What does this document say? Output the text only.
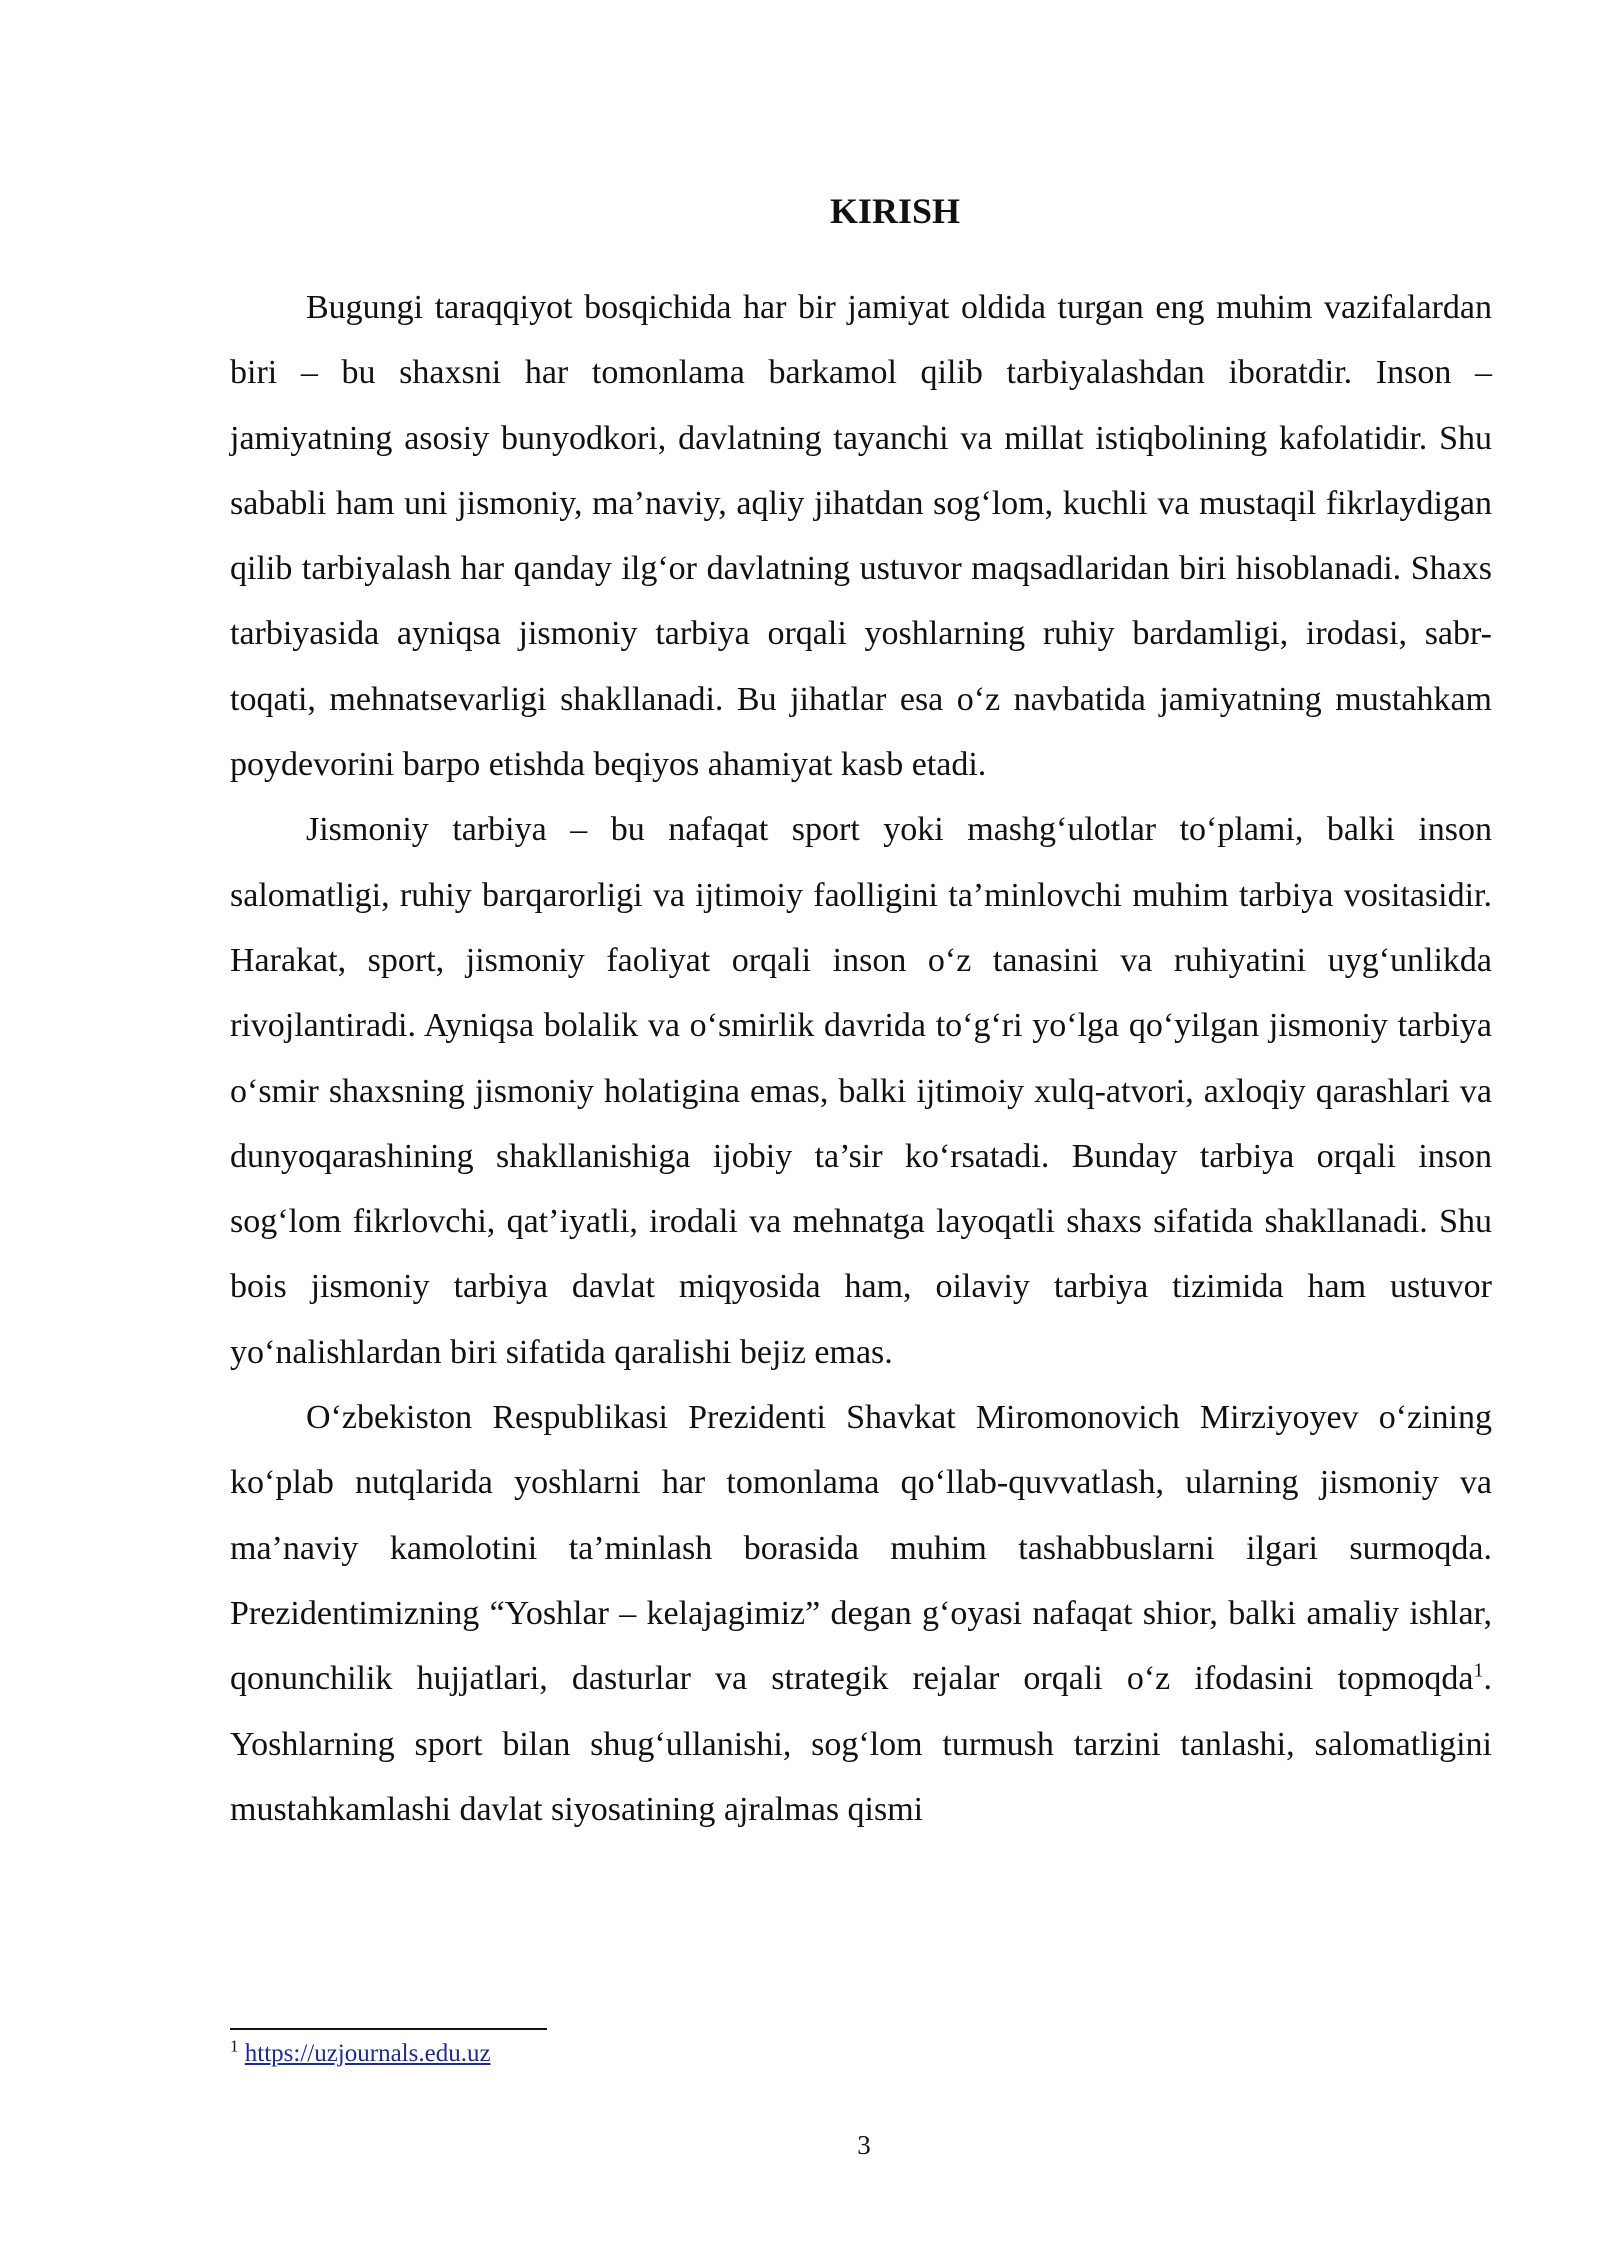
KIRISH

Bugungi taraqqiyot bosqichida har bir jamiyat oldida turgan eng muhim vazifalardan biri – bu shaxsni har tomonlama barkamol qilib tarbiyalashdan iboratdir. Inson – jamiyatning asosiy bunyodkori, davlatning tayanchi va millat istiqbolining kafolatidir. Shu sababli ham uni jismoniy, ma’naviy, aqliy jihatdan sog‘lom, kuchli va mustaqil fikrlaydigan qilib tarbiyalash har qanday ilg‘or davlatning ustuvor maqsadlaridan biri hisoblanadi. Shaxs tarbiyasida ayniqsa jismoniy tarbiya orqali yoshlarning ruhiy bardamligi, irodasi, sabr-toqati, mehnatsevarligi shakllanadi. Bu jihatlar esa o‘z navbatida jamiyatning mustahkam poydevorini barpo etishda beqiyos ahamiyat kasb etadi.

Jismoniy tarbiya – bu nafaqat sport yoki mashg‘ulotlar to‘plami, balki inson salomatligi, ruhiy barqarorligi va ijtimoiy faolligini ta’minlovchi muhim tarbiya vositasidir. Harakat, sport, jismoniy faoliyat orqali inson o‘z tanasini va ruhiyatini uyg‘unlikda rivojlantiradi. Ayniqsa bolalik va o‘smirlik davrida to‘g‘ri yo‘lga qo‘yilgan jismoniy tarbiya o‘smir shaxsning jismoniy holatigina emas, balki ijtimoiy xulq-atvori, axloqiy qarashlari va dunyoqarashining shakllanishiga ijobiy ta’sir ko‘rsatadi. Bunday tarbiya orqali inson sog‘lom fikrlovchi, qat’iyatli, irodali va mehnatga layoqatli shaxs sifatida shakllanadi. Shu bois jismoniy tarbiya davlat miqyosida ham, oilaviy tarbiya tizimida ham ustuvor yo‘nalishlardan biri sifatida qaralishi bejiz emas.

O‘zbekiston Respublikasi Prezidenti Shavkat Miromonovich Mirziyoyev o‘zining ko‘plab nutqlarida yoshlarni har tomonlama qo‘llab-quvvatlash, ularning jismoniy va ma’naviy kamolotini ta’minlash borasida muhim tashabbuslarni ilgari surmoqda. Prezidentimizning “Yoshlar – kelajagimiz” degan g‘oyasi nafaqat shior, balki amaliy ishlar, qonunchilik hujjatlari, dasturlar va strategik rejalar orqali o‘z ifodasini topmoqda$^1$. Yoshlarning sport bilan shug‘ullanishi, sog‘lom turmush tarzini tanlashi, salomatligini mustahkamlashi davlat siyosatining ajralmas qismi

$^1$ https://uzjournals.edu.uz
3
